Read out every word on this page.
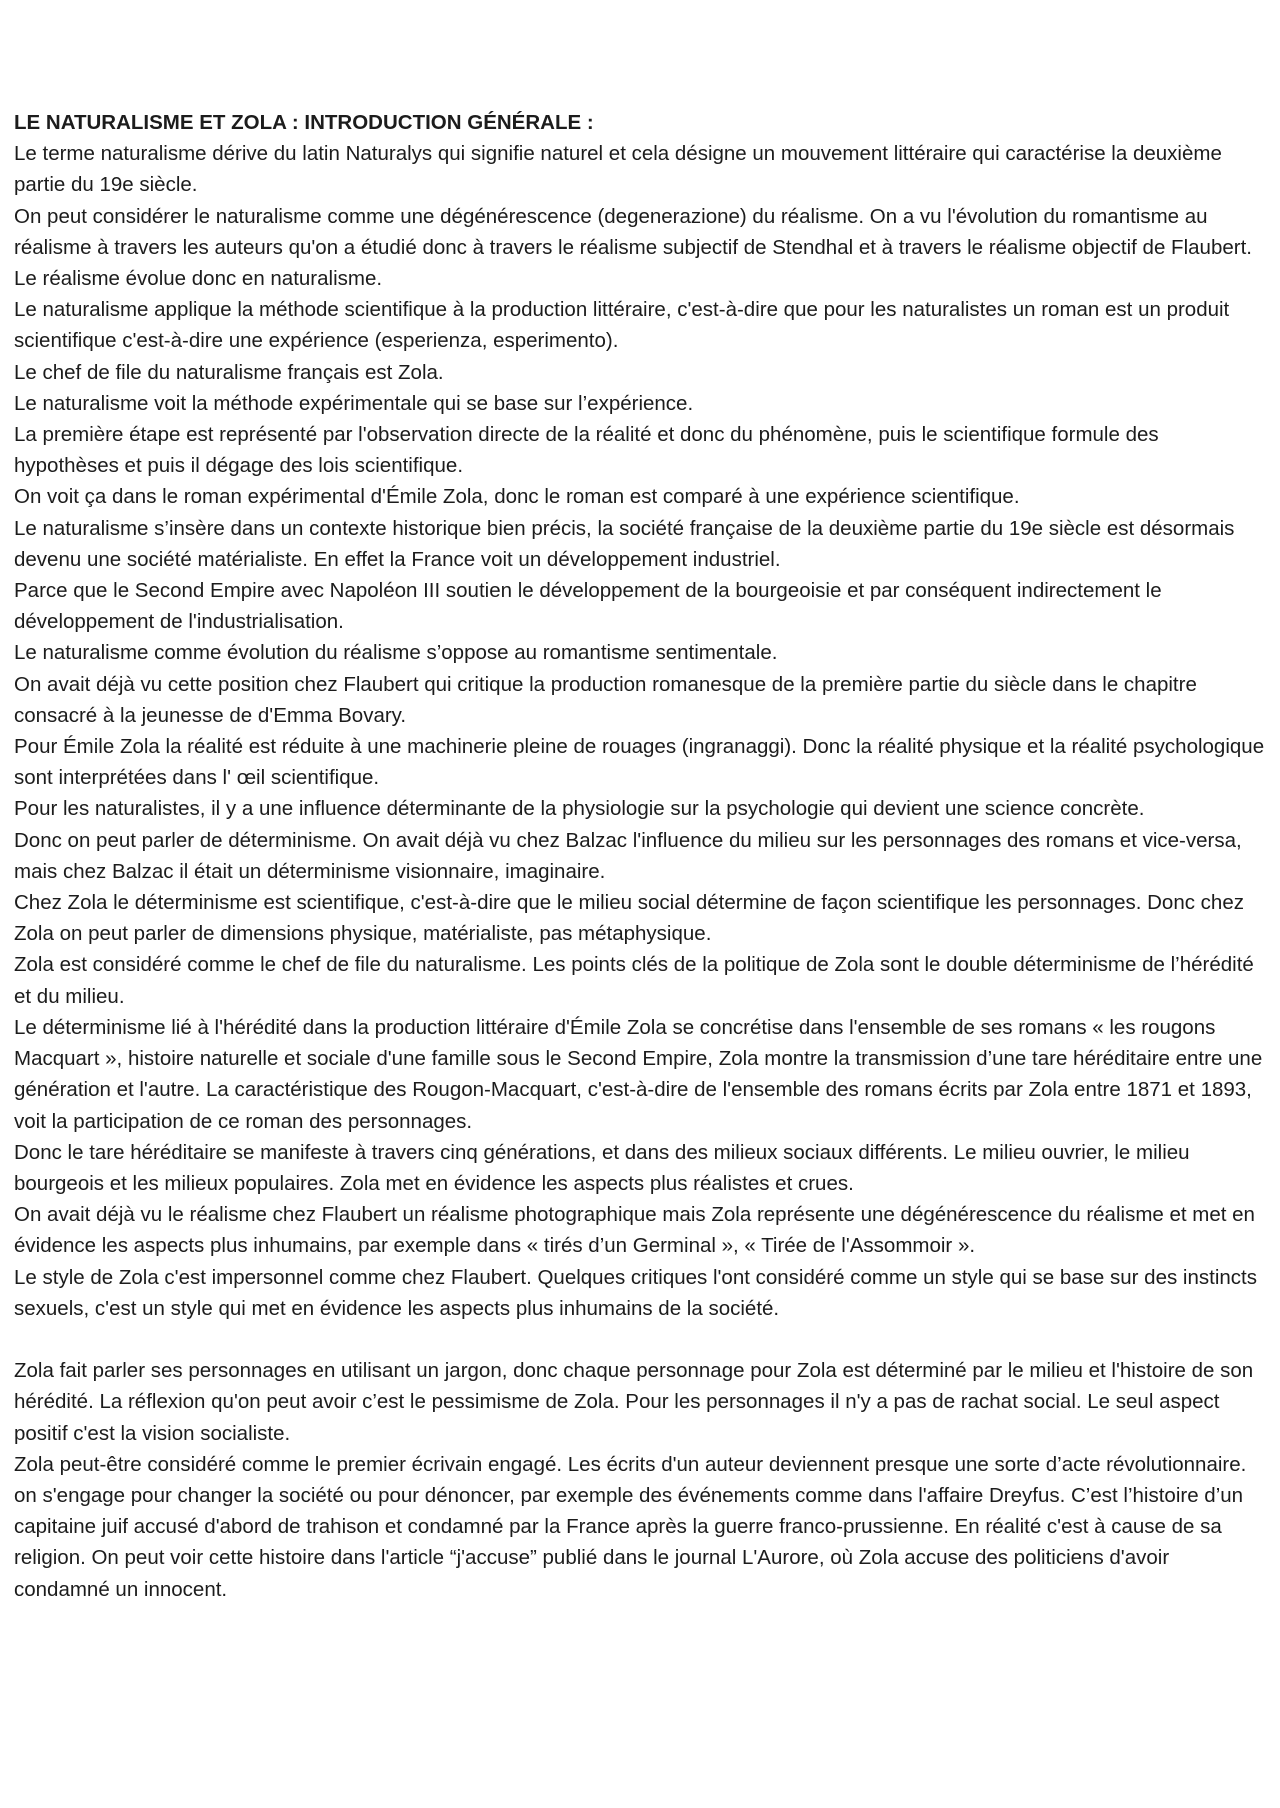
LE NATURALISME ET ZOLA : INTRODUCTION GÉNÉRALE :

Le terme naturalisme dérive du latin Naturalys qui signifie naturel et cela désigne un mouvement littéraire qui caractérise la deuxième partie du 19e siècle.

On peut considérer le naturalisme comme une dégénérescence (degenerazione) du réalisme. On a vu l'évolution du romantisme au réalisme à travers les auteurs qu'on a étudié donc à travers le réalisme subjectif de Stendhal et à travers le réalisme objectif de Flaubert. Le réalisme évolue donc en naturalisme.

Le naturalisme applique la méthode scientifique à la production littéraire, c'est-à-dire que pour les naturalistes un roman est un produit scientifique c'est-à-dire une expérience (esperienza, esperimento).

Le chef de file du naturalisme français est Zola.

Le naturalisme voit la méthode expérimentale qui se base sur l’expérience.

La première étape est représenté par l'observation directe de la réalité et donc du phénomène, puis le scientifique formule des hypothèses et puis il dégage des lois scientifique.

On voit ça dans le roman expérimental d'Émile Zola, donc le roman est comparé à une expérience scientifique.

Le naturalisme s’insère dans un contexte historique bien précis, la société française de la deuxième partie du 19e siècle est désormais devenu une société matérialiste. En effet la France voit un développement industriel.

Parce que le Second Empire avec Napoléon III soutien le développement de la bourgeoisie et par conséquent indirectement le développement de l'industrialisation.

Le naturalisme comme évolution du réalisme s’oppose au romantisme sentimentale.

On avait déjà vu cette position chez Flaubert qui critique la production romanesque de la première partie du siècle dans le chapitre consacré à la jeunesse de d'Emma Bovary.

Pour Émile Zola la réalité est réduite à une machinerie pleine de rouages (ingranaggi). Donc la réalité physique et la réalité psychologique sont interprétées dans l' œil scientifique.

Pour les naturalistes, il y a une influence déterminante de la physiologie sur la psychologie qui devient une science concrète.

Donc on peut parler de déterminisme. On avait déjà vu chez Balzac l'influence du milieu sur les personnages des romans et vice-versa, mais chez Balzac il était un déterminisme visionnaire, imaginaire.

Chez Zola le déterminisme est scientifique, c'est-à-dire que le milieu social détermine de façon scientifique les personnages. Donc chez Zola on peut parler de dimensions physique, matérialiste, pas métaphysique.

Zola est considéré comme le chef de file du naturalisme. Les points clés de la politique de Zola sont le double déterminisme de l’hérédité et du milieu.

Le déterminisme lié à l'hérédité dans la production littéraire d'Émile Zola se concrétise dans l'ensemble de ses romans « les rougons Macquart », histoire naturelle et sociale d'une famille sous le Second Empire, Zola montre la transmission d’une tare héréditaire entre une génération et l'autre. La caractéristique des Rougon-Macquart, c'est-à-dire de l'ensemble des romans écrits par Zola entre 1871 et 1893, voit la participation de ce roman des personnages.

Donc le tare héréditaire se manifeste à travers cinq générations, et dans des milieux sociaux différents. Le milieu ouvrier, le milieu bourgeois et les milieux populaires. Zola met en évidence les aspects plus réalistes et crues.

On avait déjà vu le réalisme chez Flaubert un réalisme photographique mais Zola représente une dégénérescence du réalisme et met en évidence les aspects plus inhumains, par exemple dans « tirés d’un Germinal », « Tirée de l'Assommoir ».

Le style de Zola c'est impersonnel comme chez Flaubert. Quelques critiques l'ont considéré comme un style qui se base sur des instincts sexuels, c'est un style qui met en évidence les aspects plus inhumains de la société.

Zola fait parler ses personnages en utilisant un jargon, donc chaque personnage pour Zola est déterminé par le milieu et l'histoire de son hérédité. La réflexion qu'on peut avoir c’est le pessimisme de Zola. Pour les personnages il n'y a pas de rachat social. Le seul aspect positif c'est la vision socialiste.

Zola peut-être considéré comme le premier écrivain engagé. Les écrits d'un auteur deviennent presque une sorte d’acte révolutionnaire. on s'engage pour changer la société ou pour dénoncer, par exemple des événements comme dans l'affaire Dreyfus. C’est l’histoire d’un capitaine juif accusé d'abord de trahison et condamné par la France après la guerre franco-prussienne. En réalité c'est à cause de sa religion. On peut voir cette histoire dans l'article “j'accuse” publié dans le journal L'Aurore, où Zola accuse des politiciens d'avoir condamné un innocent.
